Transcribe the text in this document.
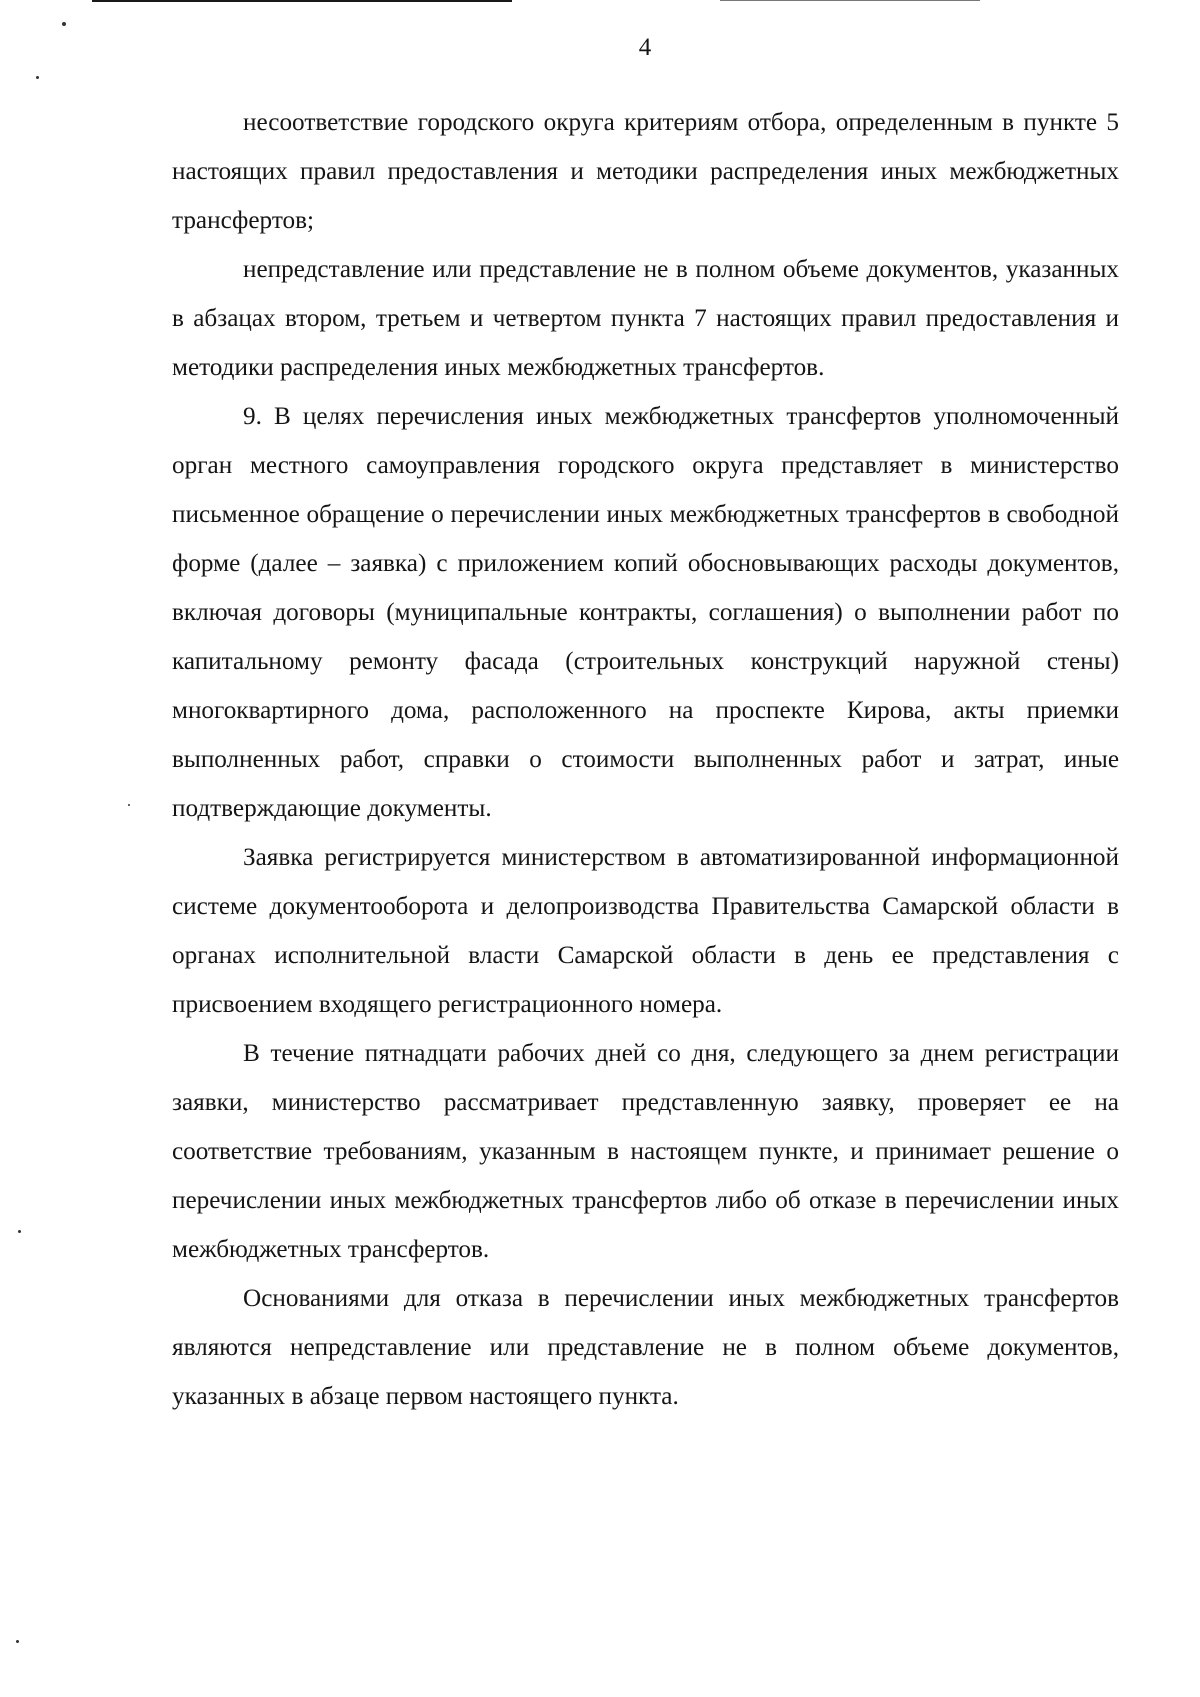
4

несоответствие городского округа критериям отбора, определенным в пункте 5 настоящих правил предоставления и методики распределения иных межбюджетных трансфертов;

непредставление или представление не в полном объеме документов, указанных в абзацах втором, третьем и четвертом пункта 7 настоящих правил предоставления и методики распределения иных межбюджетных трансфертов.

9. В целях перечисления иных межбюджетных трансфертов уполномоченный орган местного самоуправления городского округа представляет в министерство письменное обращение о перечислении иных межбюджетных трансфертов в свободной форме (далее – заявка) с приложением копий обосновывающих расходы документов, включая договоры (муниципальные контракты, соглашения) о выполнении работ по капитальному ремонту фасада (строительных конструкций наружной стены) многоквартирного дома, расположенного на проспекте Кирова, акты приемки выполненных работ, справки о стоимости выполненных работ и затрат, иные подтверждающие документы.

Заявка регистрируется министерством в автоматизированной информационной системе документооборота и делопроизводства Правительства Самарской области в органах исполнительной власти Самарской области в день ее представления с присвоением входящего регистрационного номера.

В течение пятнадцати рабочих дней со дня, следующего за днем регистрации заявки, министерство рассматривает представленную заявку, проверяет ее на соответствие требованиям, указанным в настоящем пункте, и принимает решение о перечислении иных межбюджетных трансфертов либо об отказе в перечислении иных межбюджетных трансфертов.

Основаниями для отказа в перечислении иных межбюджетных трансфертов являются непредставление или представление не в полном объеме документов, указанных в абзаце первом настоящего пункта.
